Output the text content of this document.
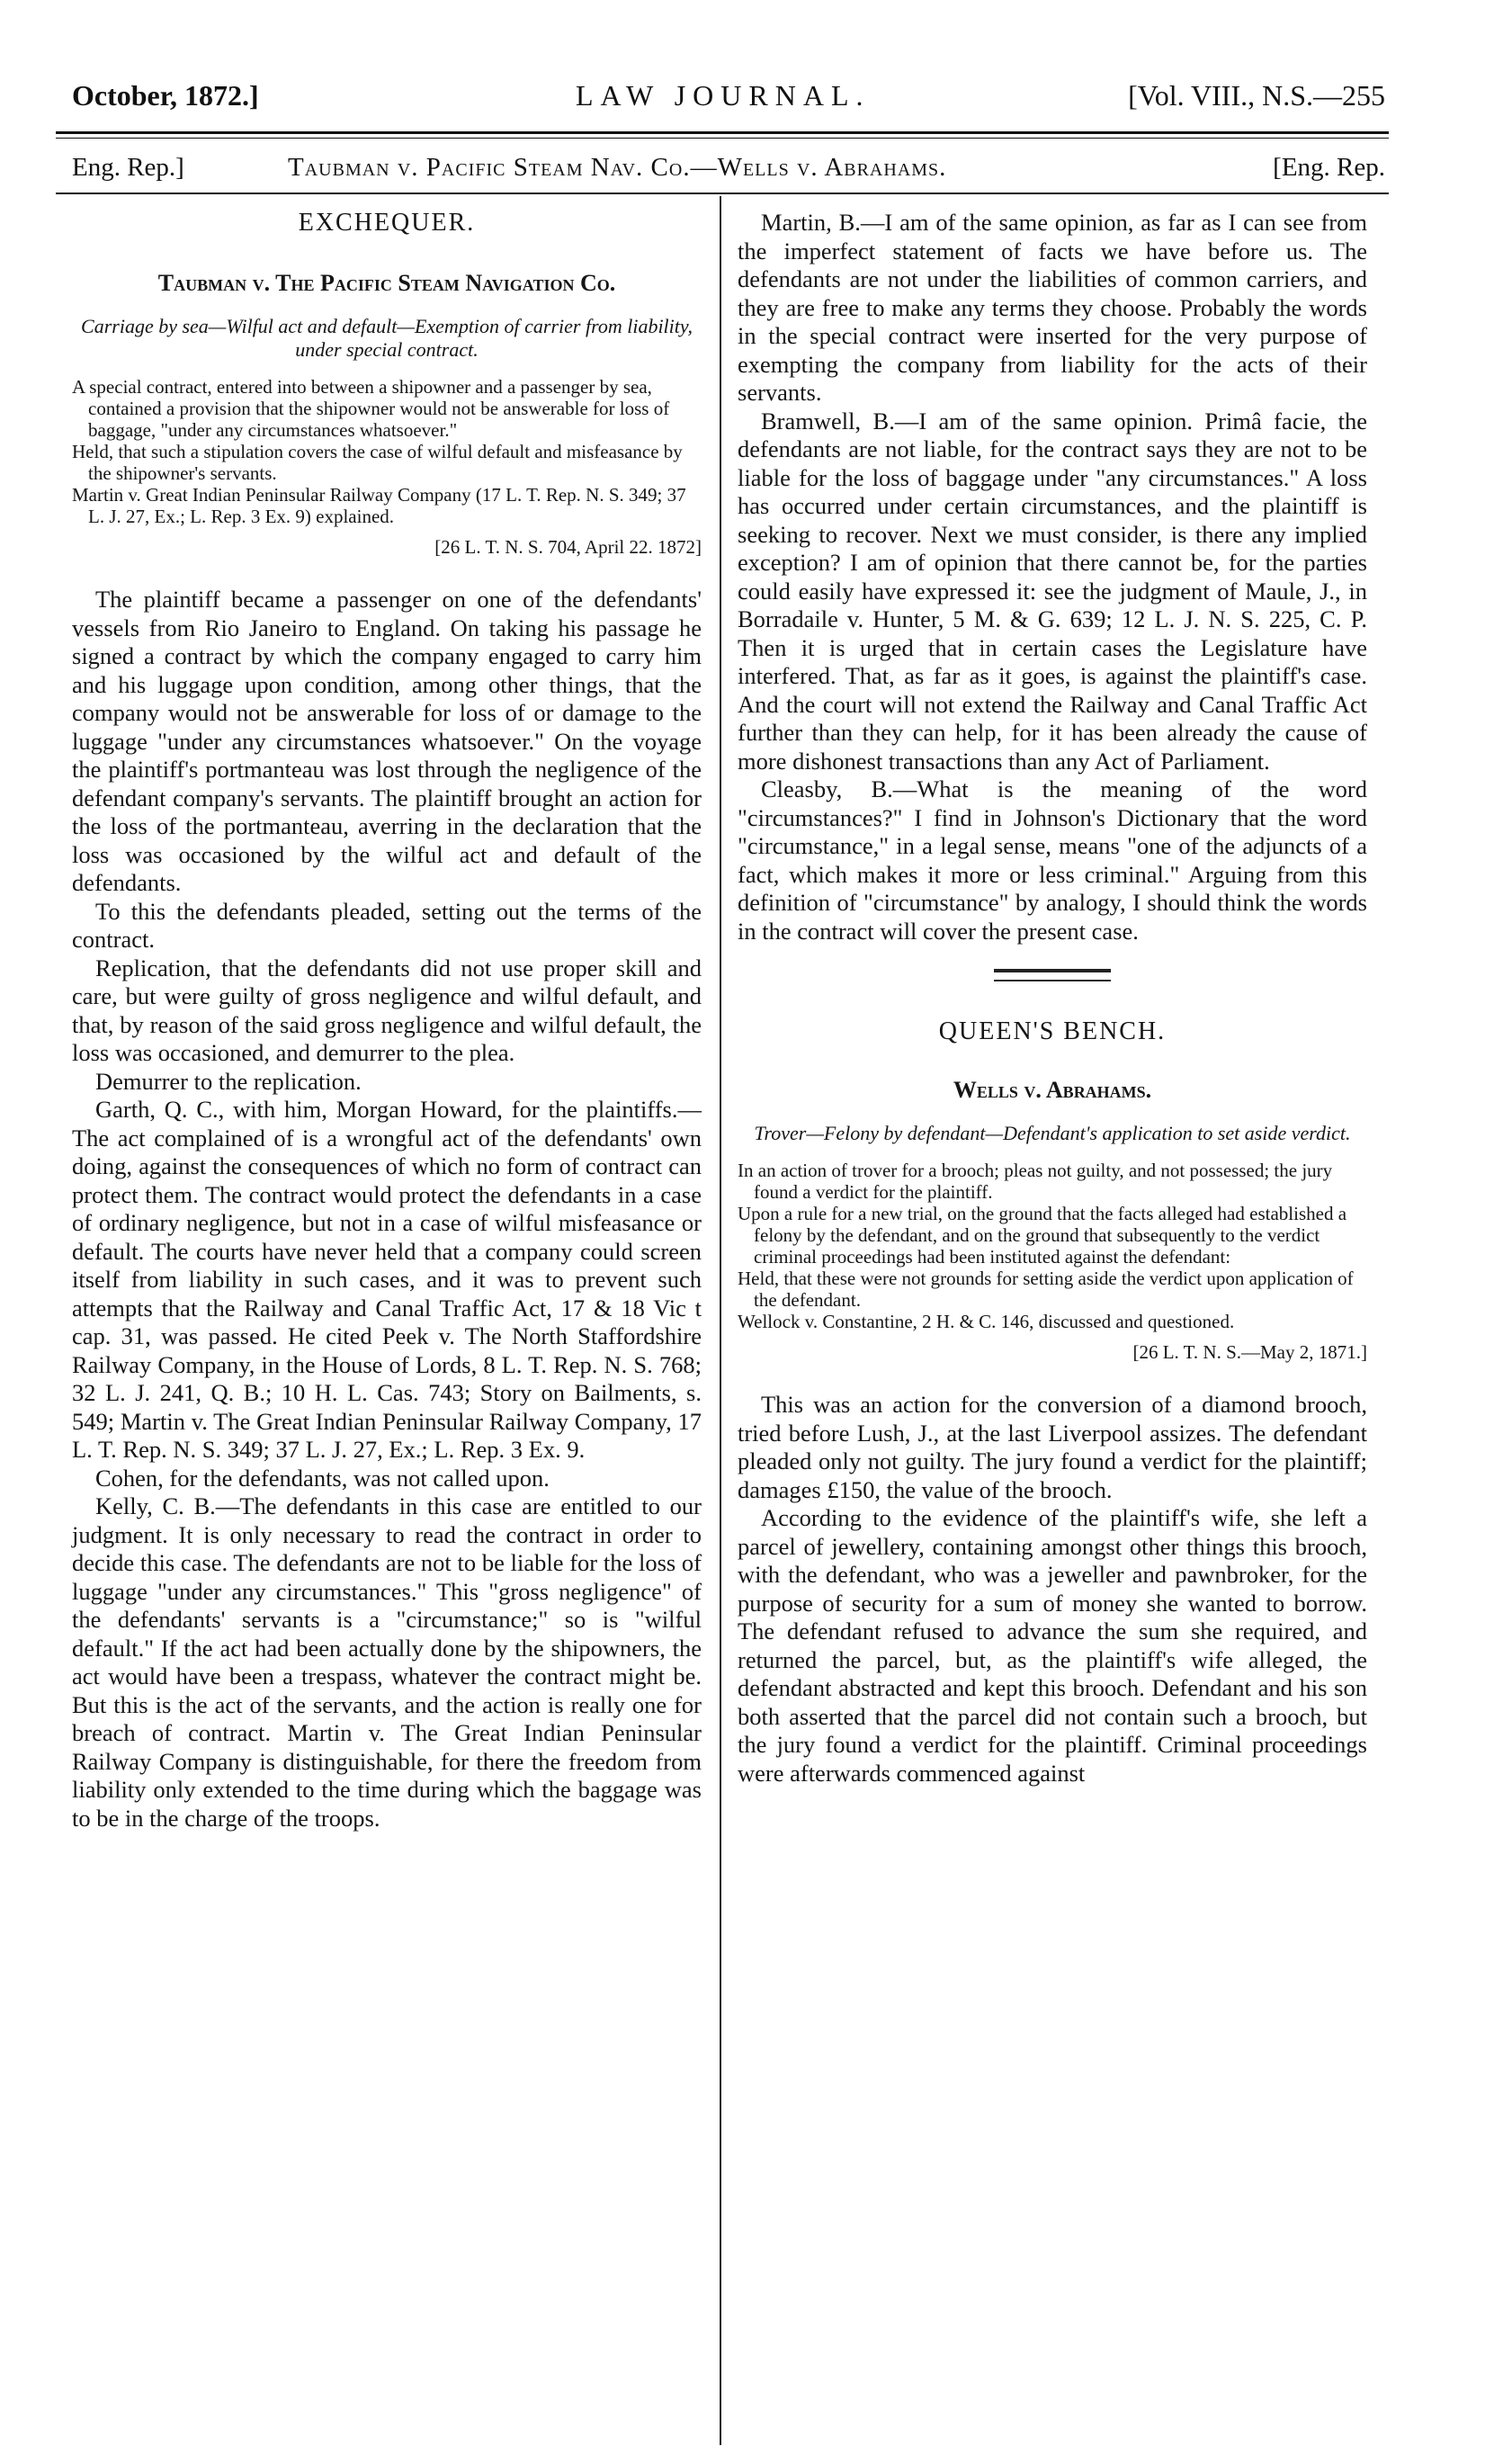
October, 1872.]	LAW JOURNAL.	[Vol. VIII., N.S.—255
Eng. Rep.]	Taubman v. Pacific Steam Nav. Co.—Wells v. Abrahams.	[Eng. Rep.
EXCHEQUER.
Taubman v. The Pacific Steam Navigation Co.
Carriage by sea—Wilful act and default—Exemption of carrier from liability, under special contract.

A special contract, entered into between a shipowner and a passenger by sea, contained a provision that the shipowner would not be answerable for loss of baggage, "under any circumstances whatsoever."

Held, that such a stipulation covers the case of wilful default and misfeasance by the shipowner's servants.

Martin v. Great Indian Peninsular Railway Company (17 L. T. Rep. N. S. 349; 37 L. J. 27, Ex.; L. Rep. 3 Ex. 9) explained.

[26 L. T. N. S. 704, April 22. 1872]

The plaintiff became a passenger on one of the defendants' vessels from Rio Janeiro to England. On taking his passage he signed a contract by which the company engaged to carry him and his luggage upon condition, among other things, that the company would not be answerable for loss of or damage to the luggage "under any circumstances whatsoever." On the voyage the plaintiff's portmanteau was lost through the negligence of the defendant company's servants. The plaintiff brought an action for the loss of the portmanteau, averring in the declaration that the loss was occasioned by the wilful act and default of the defendants.

To this the defendants pleaded, setting out the terms of the contract.

Replication, that the defendants did not use proper skill and care, but were guilty of gross negligence and wilful default, and that, by reason of the said gross negligence and wilful default, the loss was occasioned, and demurrer to the plea.

Demurrer to the replication.

Garth, Q. C., with him, Morgan Howard, for the plaintiffs.—The act complained of is a wrongful act of the defendants' own doing, against the consequences of which no form of contract can protect them. The contract would protect the defendants in a case of ordinary negligence, but not in a case of wilful misfeasance or default. The courts have never held that a company could screen itself from liability in such cases, and it was to prevent such attempts that the Railway and Canal Traffic Act, 17 & 18 Vic t cap. 31, was passed. He cited Peek v. The North Staffordshire Railway Company, in the House of Lords, 8 L. T. Rep. N. S. 768; 32 L. J. 241, Q. B.; 10 H. L. Cas. 743; Story on Bailments, s. 549; Martin v. The Great Indian Peninsular Railway Company, 17 L. T. Rep. N. S. 349; 37 L. J. 27, Ex.; L. Rep. 3 Ex. 9.

Cohen, for the defendants, was not called upon.

Kelly, C. B.—The defendants in this case are entitled to our judgment. It is only necessary to read the contract in order to decide this case. The defendants are not to be liable for the loss of luggage "under any circumstances." This "gross negligence" of the defendants' servants is a "circumstance;" so is "wilful default." If the act had been actually done by the shipowners, the act would have been a trespass, whatever the contract might be. But this is the act of the servants, and the action is really one for breach of contract. Martin v. The Great Indian Peninsular Railway Company is distinguishable, for there the freedom from liability only extended to the time during which the baggage was to be in the charge of the troops.

Martin, B.—I am of the same opinion, as far as I can see from the imperfect statement of facts we have before us. The defendants are not under the liabilities of common carriers, and they are free to make any terms they choose. Probably the words in the special contract were inserted for the very purpose of exempting the company from liability for the acts of their servants.

Bramwell, B.—I am of the same opinion. Primâ facie, the defendants are not liable, for the contract says they are not to be liable for the loss of baggage under "any circumstances." A loss has occurred under certain circumstances, and the plaintiff is seeking to recover. Next we must consider, is there any implied exception? I am of opinion that there cannot be, for the parties could easily have expressed it: see the judgment of Maule, J., in Borradaile v. Hunter, 5 M. & G. 639; 12 L. J. N. S. 225, C. P. Then it is urged that in certain cases the Legislature have interfered. That, as far as it goes, is against the plaintiff's case. And the court will not extend the Railway and Canal Traffic Act further than they can help, for it has been already the cause of more dishonest transactions than any Act of Parliament.

Cleasby, B.—What is the meaning of the word "circumstances?" I find in Johnson's Dictionary that the word "circumstance," in a legal sense, means "one of the adjuncts of a fact, which makes it more or less criminal." Arguing from this definition of "circumstance" by analogy, I should think the words in the contract will cover the present case.

QUEEN'S BENCH.
Wells v. Abrahams.
Trover—Felony by defendant—Defendant's application to set aside verdict.

In an action of trover for a brooch; pleas not guilty, and not possessed; the jury found a verdict for the plaintiff.

Upon a rule for a new trial, on the ground that the facts alleged had established a felony by the defendant, and on the ground that subsequently to the verdict criminal proceedings had been instituted against the defendant:

Held, that these were not grounds for setting aside the verdict upon application of the defendant.

Wellock v. Constantine, 2 H. & C. 146, discussed and questioned.

[26 L. T. N. S.—May 2, 1871.]

This was an action for the conversion of a diamond brooch, tried before Lush, J., at the last Liverpool assizes. The defendant pleaded only not guilty. The jury found a verdict for the plaintiff; damages £150, the value of the brooch.

According to the evidence of the plaintiff's wife, she left a parcel of jewellery, containing amongst other things this brooch, with the defendant, who was a jeweller and pawnbroker, for the purpose of security for a sum of money she wanted to borrow. The defendant refused to advance the sum she required, and returned the parcel, but, as the plaintiff's wife alleged, the defendant abstracted and kept this brooch. Defendant and his son both asserted that the parcel did not contain such a brooch, but the jury found a verdict for the plaintiff. Criminal proceedings were afterwards commenced against
